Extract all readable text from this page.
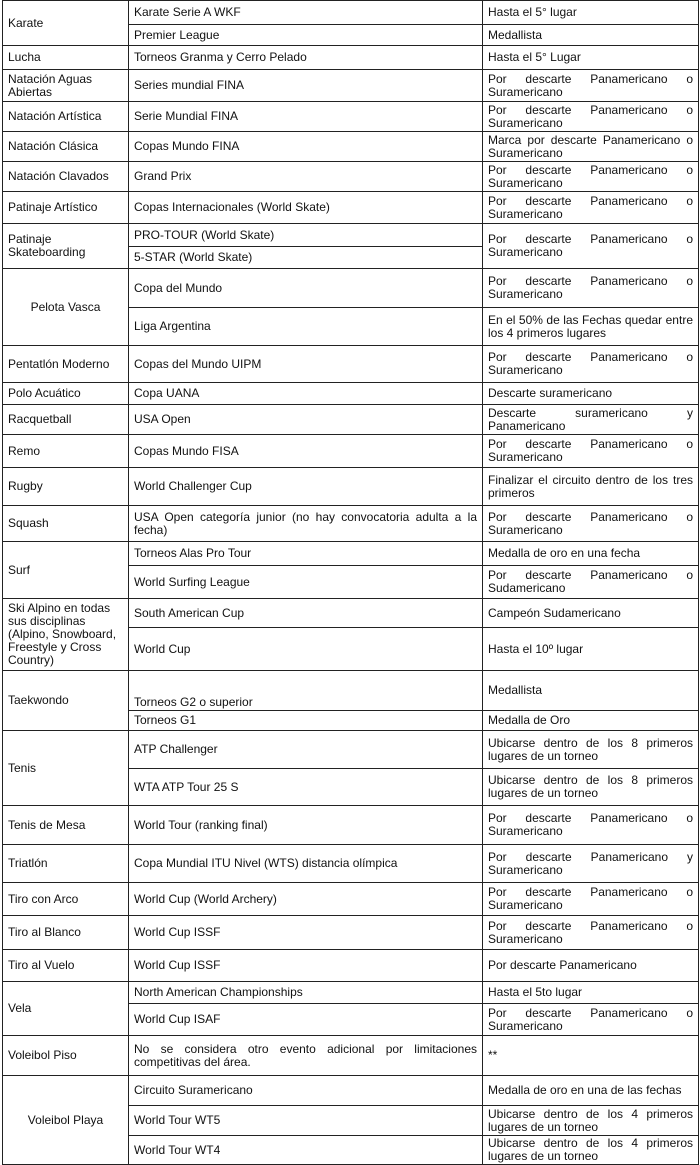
Karate	Karate Serie A WKF	Hasta el 5° lugar
	Premier League	Medallista
Lucha	Torneos Granma y Cerro Pelado	Hasta el 5° Lugar
Natación Aguas Abiertas	Series mundial FINA	Por descarte Panamericano o Suramericano
Natación Artística	Serie Mundial FINA	Por descarte Panamericano o Suramericano
Natación Clásica	Copas Mundo FINA	Marca por descarte Panamericano o Suramericano
Natación Clavados	Grand Prix	Por descarte Panamericano o Suramericano
Patinaje Artístico	Copas Internacionales (World Skate)	Por descarte Panamericano o Suramericano
Patinaje Skateboarding	PRO-TOUR (World Skate)	Por descarte Panamericano o Suramericano
	5-STAR (World Skate)	
Pelota Vasca	Copa del Mundo	Por descarte Panamericano o Suramericano
	Liga Argentina	En el 50% de las Fechas quedar entre los 4 primeros lugares
Pentatlón Moderno	Copas del Mundo UIPM	Por descarte Panamericano o Suramericano
Polo Acuático	Copa UANA	Descarte suramericano
Racquetball	USA Open	Descarte suramericano y Panamericano
Remo	Copas Mundo FISA	Por descarte Panamericano o Suramericano
Rugby	World Challenger Cup	Finalizar el circuito dentro de los tres primeros
Squash	USA Open categoría junior (no hay convocatoria adulta a la fecha)	Por descarte Panamericano o Suramericano
Surf	Torneos Alas Pro Tour	Medalla de oro en una fecha
	World Surfing League	Por descarte Panamericano o Sudamericano
Ski Alpino en todas sus disciplinas (Alpino, Snowboard, Freestyle y Cross Country)	South American Cup	Campeón Sudamericano
	World Cup	Hasta el 10º lugar
Taekwondo	Torneos G2 o superior	Medallista
	Torneos G1	Medalla de Oro
Tenis	ATP Challenger	Ubicarse dentro de los 8 primeros lugares de un torneo
	WTA ATP Tour 25 S	Ubicarse dentro de los 8 primeros lugares de un torneo
Tenis de Mesa	World Tour (ranking final)	Por descarte Panamericano o Suramericano
Triatlón	Copa Mundial ITU Nivel (WTS) distancia olímpica	Por descarte Panamericano y Suramericano
Tiro con Arco	World Cup (World Archery)	Por descarte Panamericano o Suramericano
Tiro al Blanco	World Cup ISSF	Por descarte Panamericano o Suramericano
Tiro al Vuelo	World Cup ISSF	Por descarte Panamericano
Vela	North American Championships	Hasta el 5to lugar
	World Cup ISAF	Por descarte Panamericano o Suramericano
Voleibol Piso	No se considera otro evento adicional por limitaciones competitivas del área.	**
Voleibol Playa	Circuito Suramericano	Medalla de oro en una de las fechas
	World Tour WT5	Ubicarse dentro de los 4 primeros lugares de un torneo
	World Tour WT4	Ubicarse dentro de los 4 primeros lugares de un torneo
